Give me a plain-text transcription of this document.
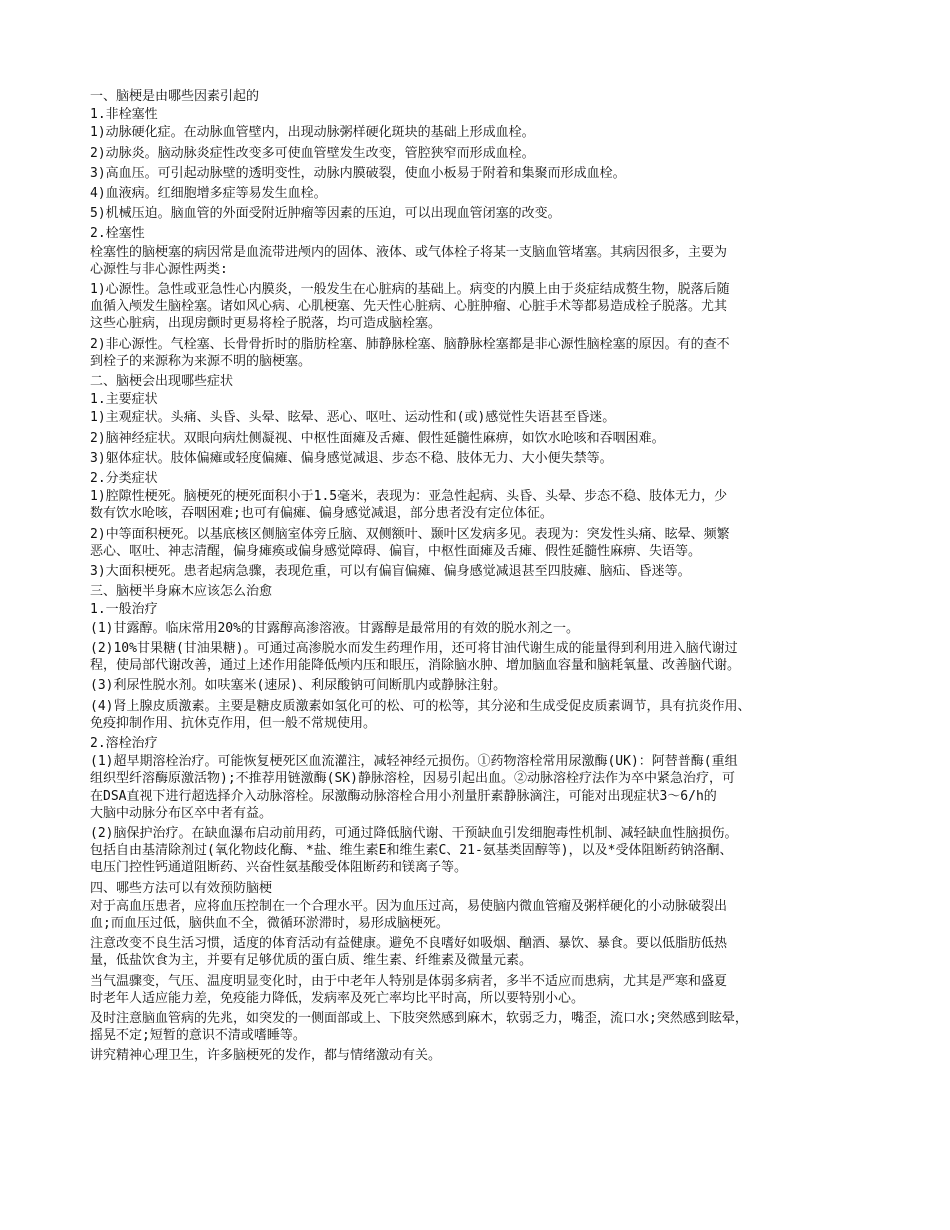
一、脑梗是由哪些因素引起的

1.非栓塞性

1)动脉硬化症。在动脉血管壁内，出现动脉粥样硬化斑块的基础上形成血栓。

2)动脉炎。脑动脉炎症性改变多可使血管壁发生改变，管腔狭窄而形成血栓。

3)高血压。可引起动脉壁的透明变性，动脉内膜破裂，使血小板易于附着和集聚而形成血栓。

4)血液病。红细胞增多症等易发生血栓。

5)机械压迫。脑血管的外面受附近肿瘤等因素的压迫，可以出现血管闭塞的改变。

2.栓塞性

栓塞性的脑梗塞的病因常是血流带进颅内的固体、液体、或气体栓子将某一支脑血管堵塞。其病因很多，主要为
心源性与非心源性两类:

1)心源性。急性或亚急性心内膜炎，一般发生在心脏病的基础上。病变的内膜上由于炎症结成赘生物，脱落后随
血循入颅发生脑栓塞。诸如风心病、心肌梗塞、先天性心脏病、心脏肿瘤、心脏手术等都易造成栓子脱落。尤其
这些心脏病，出现房颤时更易将栓子脱落，均可造成脑栓塞。

2)非心源性。气栓塞、长骨骨折时的脂肪栓塞、肺静脉栓塞、脑静脉栓塞都是非心源性脑栓塞的原因。有的查不
到栓子的来源称为来源不明的脑梗塞。

二、脑梗会出现哪些症状

1.主要症状

1)主观症状。头痛、头昏、头晕、眩晕、恶心、呕吐、运动性和(或)感觉性失语甚至昏迷。

2)脑神经症状。双眼向病灶侧凝视、中枢性面瘫及舌瘫、假性延髓性麻痹，如饮水呛咳和吞咽困难。

3)躯体症状。肢体偏瘫或轻度偏瘫、偏身感觉减退、步态不稳、肢体无力、大小便失禁等。

2.分类症状

1)腔隙性梗死。脑梗死的梗死面积小于1.5毫米，表现为：亚急性起病、头昏、头晕、步态不稳、肢体无力，少
数有饮水呛咳，吞咽困难;也可有偏瘫、偏身感觉减退，部分患者没有定位体征。

2)中等面积梗死。以基底核区侧脑室体旁丘脑、双侧额叶、颞叶区发病多见。表现为：突发性头痛、眩晕、频繁
恶心、呕吐、神志清醒，偏身瘫痪或偏身感觉障碍、偏盲，中枢性面瘫及舌瘫、假性延髓性麻痹、失语等。

3)大面积梗死。患者起病急骤，表现危重，可以有偏盲偏瘫、偏身感觉减退甚至四肢瘫、脑疝、昏迷等。

三、脑梗半身麻木应该怎么治愈

1.一般治疗

(1)甘露醇。临床常用20%的甘露醇高渗溶液。甘露醇是最常用的有效的脱水剂之一。

(2)10%甘果糖(甘油果糖)。可通过高渗脱水而发生药理作用，还可将甘油代谢生成的能量得到利用进入脑代谢过
程，使局部代谢改善，通过上述作用能降低颅内压和眼压，消除脑水肿、增加脑血容量和脑耗氧量、改善脑代谢。

(3)利尿性脱水剂。如呋塞米(速尿)、利尿酸钠可间断肌内或静脉注射。

(4)肾上腺皮质激素。主要是糖皮质激素如氢化可的松、可的松等，其分泌和生成受促皮质素调节，具有抗炎作用、
免疫抑制作用、抗休克作用，但一般不常规使用。

2.溶栓治疗

(1)超早期溶栓治疗。可能恢复梗死区血流灌注，减轻神经元损伤。①药物溶栓常用尿激酶(UK)：阿替普酶(重组
组织型纤溶酶原激活物);不推荐用链激酶(SK)静脉溶栓，因易引起出血。②动脉溶栓疗法作为卒中紧急治疗，可
在DSA直视下进行超选择介入动脉溶栓。尿激酶动脉溶栓合用小剂量肝素静脉滴注，可能对出现症状3～6/h的
大脑中动脉分布区卒中者有益。

(2)脑保护治疗。在缺血瀑布启动前用药，可通过降低脑代谢、干预缺血引发细胞毒性机制、减轻缺血性脑损伤。
包括自由基清除剂过(氧化物歧化酶、*盐、维生素E和维生素C、21-氨基类固醇等)，以及*受体阻断药钠洛酮、
电压门控性钙通道阻断药、兴奋性氨基酸受体阻断药和镁离子等。

四、哪些方法可以有效预防脑梗

对于高血压患者，应将血压控制在一个合理水平。因为血压过高，易使脑内微血管瘤及粥样硬化的小动脉破裂出
血;而血压过低，脑供血不全，微循环淤滞时，易形成脑梗死。

注意改变不良生活习惯，适度的体育活动有益健康。避免不良嗜好如吸烟、酗酒、暴饮、暴食。要以低脂肪低热
量，低盐饮食为主，并要有足够优质的蛋白质、维生素、纤维素及微量元素。

当气温骤变，气压、温度明显变化时，由于中老年人特别是体弱多病者，多半不适应而患病，尤其是严寒和盛夏
时老年人适应能力差，免疫能力降低，发病率及死亡率均比平时高，所以要特别小心。

及时注意脑血管病的先兆，如突发的一侧面部或上、下肢突然感到麻木，软弱乏力，嘴歪，流口水;突然感到眩晕，
摇晃不定;短暂的意识不清或嗜睡等。

讲究精神心理卫生，许多脑梗死的发作，都与情绪激动有关。
